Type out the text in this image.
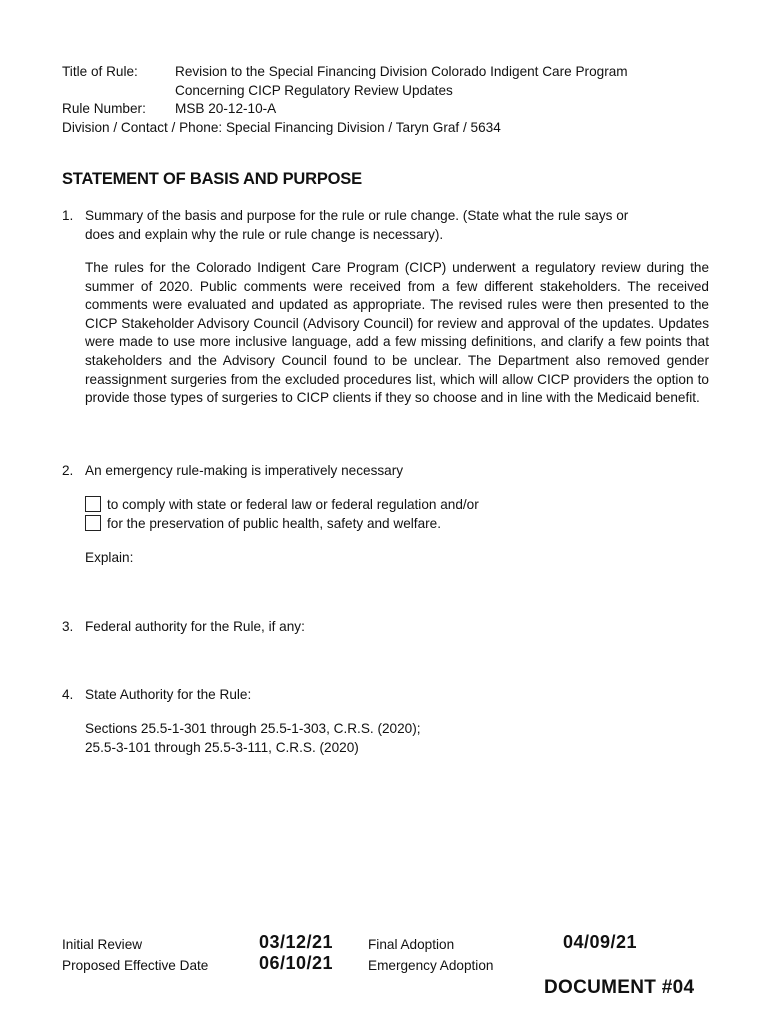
Title of Rule:	Revision to the Special Financing Division Colorado Indigent Care Program
Concerning CICP Regulatory Review Updates
Rule Number: MSB 20-12-10-A
Division / Contact / Phone: Special Financing Division / Taryn Graf / 5634
STATEMENT OF BASIS AND PURPOSE
1. Summary of the basis and purpose for the rule or rule change. (State what the rule says or
does and explain why the rule or rule change is necessary).
The rules for the Colorado Indigent Care Program (CICP) underwent a regulatory review during the summer of 2020. Public comments were received from a few different stakeholders. The received comments were evaluated and updated as appropriate. The revised rules were then presented to the CICP Stakeholder Advisory Council (Advisory Council) for review and approval of the updates. Updates were made to use more inclusive language, add a few missing definitions, and clarify a few points that stakeholders and the Advisory Council found to be unclear. The Department also removed gender reassignment surgeries from the excluded procedures list, which will allow CICP providers the option to provide those types of surgeries to CICP clients if they so choose and in line with the Medicaid benefit.
2. An emergency rule-making is imperatively necessary
to comply with state or federal law or federal regulation and/or
for the preservation of public health, safety and welfare.
Explain:
3. Federal authority for the Rule, if any:
4. State Authority for the Rule:
Sections 25.5-1-301 through 25.5-1-303, C.R.S. (2020);
25.5-3-101 through 25.5-3-111, C.R.S. (2020)
Initial Review	03/12/21	Final Adoption	04/09/21
Proposed Effective Date	06/10/21	Emergency Adoption
DOCUMENT #04
